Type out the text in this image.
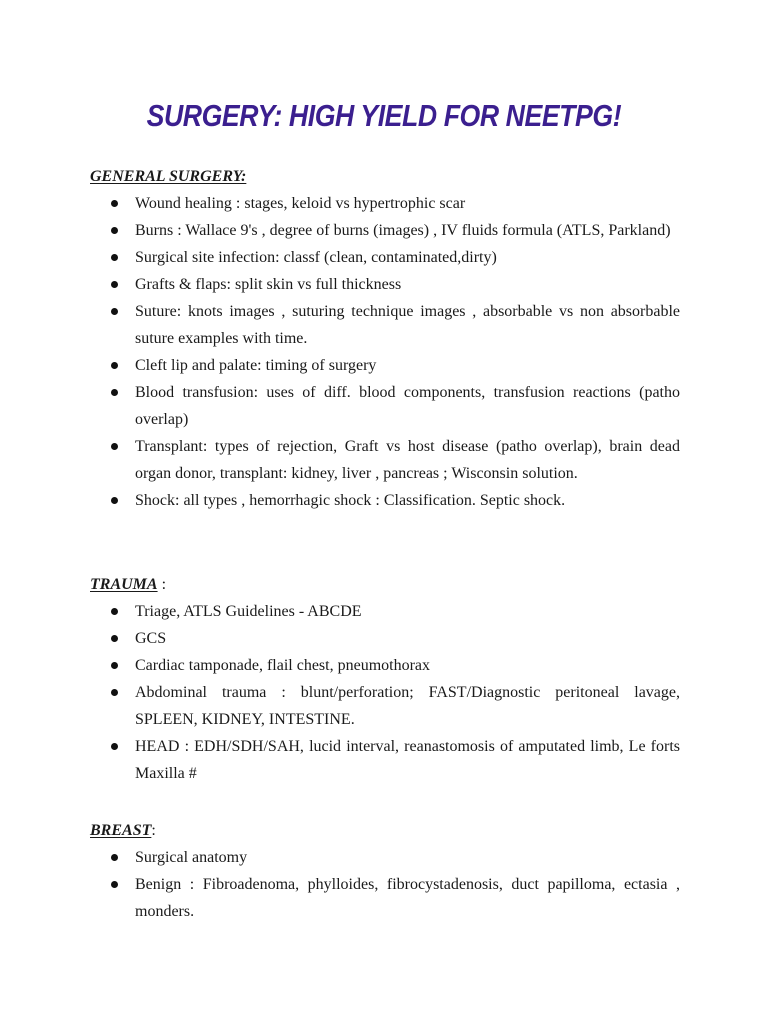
SURGERY: HIGH YIELD FOR NEETPG!
GENERAL SURGERY:
Wound healing : stages, keloid vs hypertrophic scar
Burns : Wallace 9's , degree of burns (images) , IV fluids formula (ATLS, Parkland)
Surgical site infection: classf (clean, contaminated,dirty)
Grafts & flaps: split skin vs full thickness
Suture: knots images , suturing technique images , absorbable vs non absorbable suture examples with time.
Cleft lip and palate: timing of surgery
Blood transfusion: uses of diff. blood components, transfusion reactions (patho overlap)
Transplant: types of rejection, Graft vs host disease (patho overlap), brain dead organ donor, transplant: kidney, liver , pancreas ; Wisconsin solution.
Shock: all types , hemorrhagic shock : Classification. Septic shock.
TRAUMA :
Triage, ATLS Guidelines - ABCDE
GCS
Cardiac tamponade, flail chest, pneumothorax
Abdominal trauma : blunt/perforation; FAST/Diagnostic peritoneal lavage, SPLEEN, KIDNEY, INTESTINE.
HEAD : EDH/SDH/SAH, lucid interval, reanastomosis of amputated limb, Le forts Maxilla #
BREAST:
Surgical anatomy
Benign : Fibroadenoma, phylloides, fibrocystadenosis, duct papilloma, ectasia , monders.
